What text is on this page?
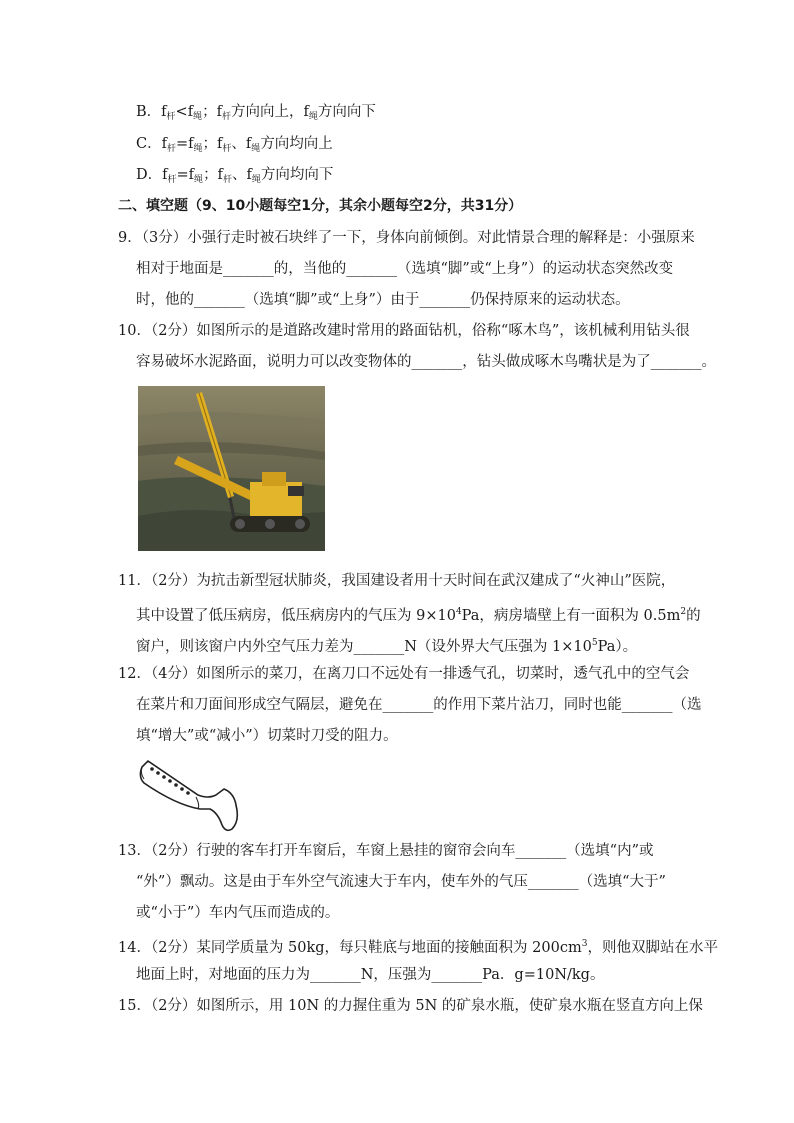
B．$f_杆<f_绳$；$f_杆$方向向上，$f_绳$方向向下
C．$f_杆=f_绳$；$f_杆$、$f_绳$方向均向上
D．$f_杆=f_绳$；$f_杆$、$f_绳$方向均向下
二、填空题（9、10小题每空1分，其余小题每空2分，共31分）
9．（3分）小强行走时被石块绊了一下，身体向前倾倒。对此情景合理的解释是：小强原来
相对于地面是_______的，当他的_______（选填“脚”或“上身”）的运动状态突然改变
时，他的_______（选填“脚”或“上身”）由于_______仍保持原来的运动状态。
10．（2分）如图所示的是道路改建时常用的路面钻机，俗称“啄木鸟”，该机械利用钻头很
容易破坏水泥路面，说明力可以改变物体的_______，钻头做成啄木鸟嘴状是为了_______。
11．（2分）为抗击新型冠状肺炎，我国建设者用十天时间在武汉建成了“火神山”医院，
其中设置了低压病房，低压病房内的气压为 $9\times 10^4Pa$，病房墙壁上有一面积为 $0.5m^2$的
窗户，则该窗户内外空气压力差为_______N（设外界大气压强为 $1\times 10^5Pa$）。
12．（4分）如图所示的菜刀，在离刀口不远处有一排透气孔，切菜时，透气孔中的空气会
在菜片和刀面间形成空气隔层，避免在_______的作用下菜片沾刀，同时也能_______（选
填“增大”或“减小”）切菜时刀受的阻力。
13．（2分）行驶的客车打开车窗后，车窗上悬挂的窗帘会向车_______（选填“内”或
“外”）飘动。这是由于车外空气流速大于车内，使车外的气压_______（选填“大于”
或“小于”）车内气压而造成的。
14．（2分）某同学质量为 50kg，每只鞋底与地面的接触面积为 $200cm^3$，则他双脚站在水平
地面上时，对地面的压力为_______N，压强为_______Pa．g=10N/kg。
15．（2分）如图所示，用 10N 的力握住重为 5N 的矿泉水瓶，使矿泉水瓶在竖直方向上保
